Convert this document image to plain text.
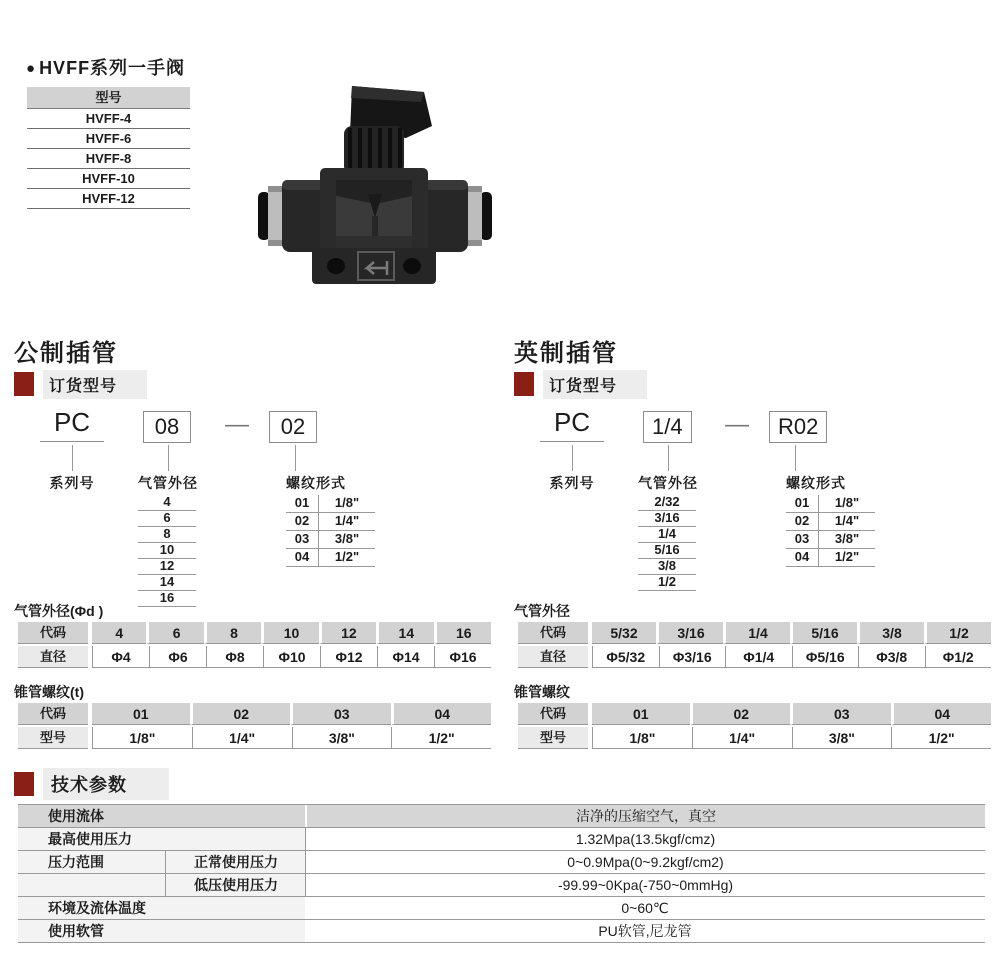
● HVFF系列一手阀
型号
HVFF-4
HVFF-6
HVFF-8
HVFF-10
HVFF-12
公制插管
订货型号
PC	08	—	02
系列号	气管外径	螺纹形式
4
6
8
10
12
14
16
01	1/8"
02	1/4"
03	3/8"
04	1/2"
气管外径(Φd )
代码	4	6	8	10	12	14	16
直径	Φ4	Φ6	Φ8	Φ10	Φ12	Φ14	Φ16
锥管螺纹(t)
代码	01	02	03	04
型号	1/8"	1/4"	3/8"	1/2"
英制插管
订货型号
PC	1/4	—	R02
系列号	气管外径	螺纹形式
2/32
3/16
1/4
5/16
3/8
1/2
01	1/8"
02	1/4"
03	3/8"
04	1/2"
气管外径
代码	5/32	3/16	1/4	5/16	3/8	1/2
直径	Φ5/32	Φ3/16	Φ1/4	Φ5/16	Φ3/8	Φ1/2
锥管螺纹
代码	01	02	03	04
型号	1/8"	1/4"	3/8"	1/2"
技术参数
使用流体	洁净的压缩空气，真空
最高使用压力	1.32Mpa(13.5kgf/cmz)
压力范围	正常使用压力	0~0.9Mpa(0~9.2kgf/cm2)
低压使用压力	-99.99~0Kpa(-750~0mmHg)
环境及流体温度	0~60℃
使用软管	PU软管,尼龙管
